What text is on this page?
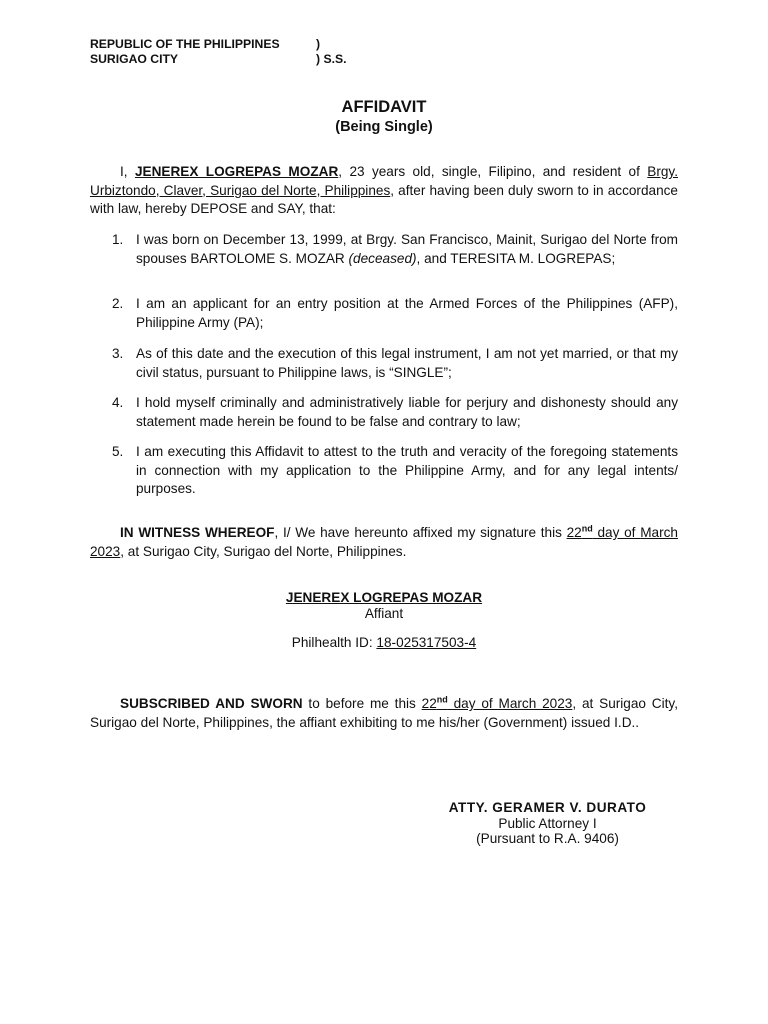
REPUBLIC OF THE PHILIPPINES	)
SURIGAO CITY	) S.S.
AFFIDAVIT
(Being Single)
I, JENEREX LOGREPAS MOZAR, 23 years old, single, Filipino, and resident of Brgy. Urbiztondo, Claver, Surigao del Norte, Philippines, after having been duly sworn to in accordance with law, hereby DEPOSE and SAY, that:
1. I was born on December 13, 1999, at Brgy. San Francisco, Mainit, Surigao del Norte from spouses BARTOLOME S. MOZAR (deceased), and TERESITA M. LOGREPAS;
2. I am an applicant for an entry position at the Armed Forces of the Philippines (AFP), Philippine Army (PA);
3. As of this date and the execution of this legal instrument, I am not yet married, or that my civil status, pursuant to Philippine laws, is “SINGLE”;
4. I hold myself criminally and administratively liable for perjury and dishonesty should any statement made herein be found to be false and contrary to law;
5. I am executing this Affidavit to attest to the truth and veracity of the foregoing statements in connection with my application to the Philippine Army, and for any legal intents/ purposes.
IN WITNESS WHEREOF, I/ We have hereunto affixed my signature this 22nd day of March 2023, at Surigao City, Surigao del Norte, Philippines.
JENEREX LOGREPAS MOZAR
Affiant
Philhealth ID: 18-025317503-4
SUBSCRIBED AND SWORN to before me this 22nd day of March 2023, at Surigao City, Surigao del Norte, Philippines, the affiant exhibiting to me his/her (Government) issued I.D..
ATTY. GERAMER V. DURATO
Public Attorney I
(Pursuant to R.A. 9406)
